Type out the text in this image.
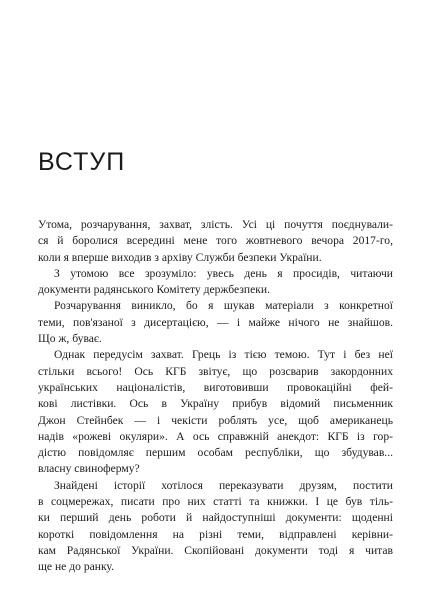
ВСТУП

Утома, розчарування, захват, злість. Усі ці почуття поєднували-
ся й боролися всередині мене того жовтневого вечора 2017-го,
коли я вперше виходив з архіву Служби безпеки України.

З утомою все зрозуміло: увесь день я просидів, читаючи
документи радянського Комітету держбезпеки.

Розчарування виникло, бо я шукав матеріали з конкретної
теми, пов'язаної з дисертацією, — і майже нічого не знайшов.
Що ж, буває.

Однак передусім захват. Грець із тією темою. Тут і без неї
стільки всього! Ось КГБ звітує, що розсварив закордонних
українських націоналістів, виготовивши провокаційні фей-
кові листівки. Ось в Україну прибув відомий письменник
Джон Стейнбек — і чекісти роблять усе, щоб американець
надів «рожеві окуляри». А ось справжній анекдот: КГБ із гор-
дістю повідомляє першим особам республіки, що збудував...
власну свиноферму?

Знайдені історії хотілося переказувати друзям, постити
в соцмережах, писати про них статті та книжки. І це був тіль-
ки перший день роботи й найдоступніші документи: щоденні
короткі повідомлення на різні теми, відправлені керівни-
кам Радянської України. Скопійовані документи тоді я читав
ще не до ранку.
